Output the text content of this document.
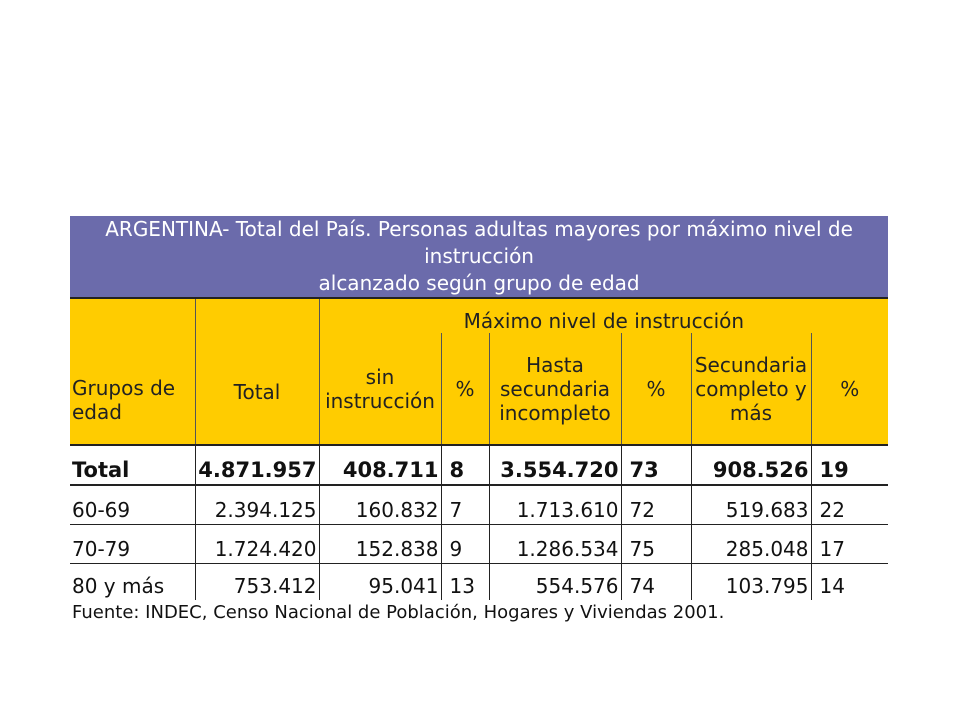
ARGENTINA- Total del País. Personas adultas mayores por máximo nivel de instrucción
alcanzado según grupo de edad							

Grupos de edad	Total	Máximo nivel de instrucción					
		sin instrucción	%	Hasta secundaria incompleto	%	Secundaria completo y más	%
Total	4.871.957	408.711	8	3.554.720	73	908.526	19
60-69	2.394.125	160.832	7	1.713.610	72	519.683	22
70-79	1.724.420	152.838	9	1.286.534	75	285.048	17
80 y más	753.412	95.041	13	554.576	74	103.795	14
Fuente: INDEC, Censo Nacional de Población, Hogares y Viviendas 2001.
